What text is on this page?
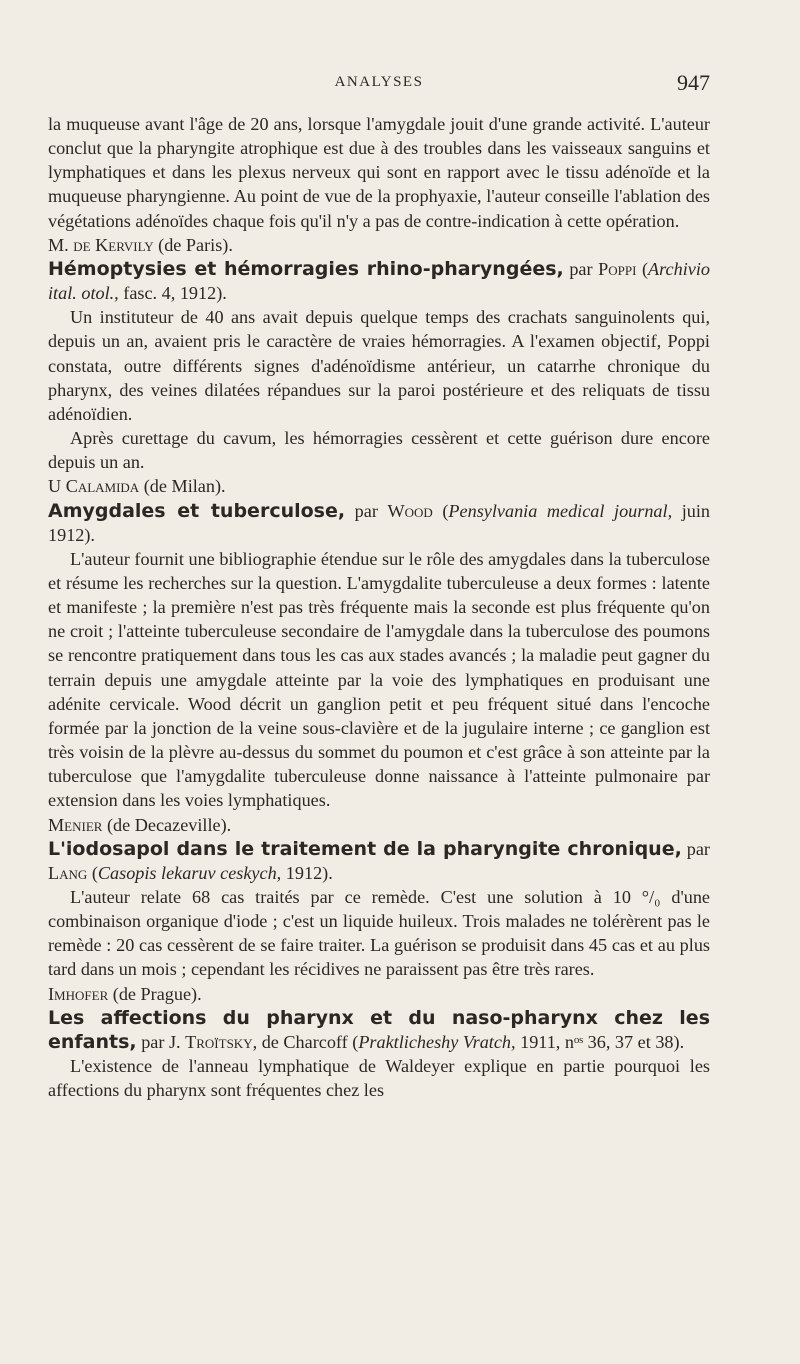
ANALYSES	947

la muqueuse avant l'âge de 20 ans, lorsque l'amygdale jouit d'une grande activité. L'auteur conclut que la pharyngite atrophique est due à des troubles dans les vaisseaux sanguins et lymphatiques et dans les plexus nerveux qui sont en rapport avec le tissu adénoïde et la muqueuse pharyngienne. Au point de vue de la prophyaxie, l'auteur conseille l'ablation des végétations adénoïdes chaque fois qu'il n'y a pas de contre-indication à cette opération.

M. de Kervily (de Paris).

Hémoptysies et hémorragies rhino-pharyngées, par Poppi (Archivio ital. otol., fasc. 4, 1912).

Un instituteur de 40 ans avait depuis quelque temps des crachats sanguinolents qui, depuis un an, avaient pris le caractère de vraies hémorragies. A l'examen objectif, Poppi constata, outre différents signes d'adénoïdisme antérieur, un catarrhe chronique du pharynx, des veines dilatées répandues sur la paroi postérieure et des reliquats de tissu adénoïdien.

Après curettage du cavum, les hémorragies cessèrent et cette guérison dure encore depuis un an.

U Calamida (de Milan).

Amygdales et tuberculose, par Wood (Pensylvania medical journal, juin 1912).

L'auteur fournit une bibliographie étendue sur le rôle des amygdales dans la tuberculose et résume les recherches sur la question. L'amygdalite tuberculeuse a deux formes : latente et manifeste ; la première n'est pas très fréquente mais la seconde est plus fréquente qu'on ne croit ; l'atteinte tuberculeuse secondaire de l'amygdale dans la tuberculose des poumons se rencontre pratiquement dans tous les cas aux stades avancés ; la maladie peut gagner du terrain depuis une amygdale atteinte par la voie des lymphatiques en produisant une adénite cervicale. Wood décrit un ganglion petit et peu fréquent situé dans l'encoche formée par la jonction de la veine sous-clavière et de la jugulaire interne ; ce ganglion est très voisin de la plèvre au-dessus du sommet du poumon et c'est grâce à son atteinte par la tuberculose que l'amygdalite tuberculeuse donne naissance à l'atteinte pulmonaire par extension dans les voies lymphatiques.

Menier (de Decazeville).

L'iodosapol dans le traitement de la pharyngite chronique, par Lang (Casopis lekaruv ceskych, 1912).

L'auteur relate 68 cas traités par ce remède. C'est une solution à 10 °/₀ d'une combinaison organique d'iode ; c'est un liquide huileux. Trois malades ne tolérèrent pas le remède : 20 cas cessèrent de se faire traiter. La guérison se produisit dans 45 cas et au plus tard dans un mois ; cependant les récidives ne paraissent pas être très rares.

Imhofer (de Prague).

Les affections du pharynx et du naso-pharynx chez les enfants, par J. Troïtsky, de Charcoff (Praktlicheshy Vratch, 1911, nᵒˢ 36, 37 et 38).

L'existence de l'anneau lymphatique de Waldeyer explique en partie pourquoi les affections du pharynx sont fréquentes chez les
